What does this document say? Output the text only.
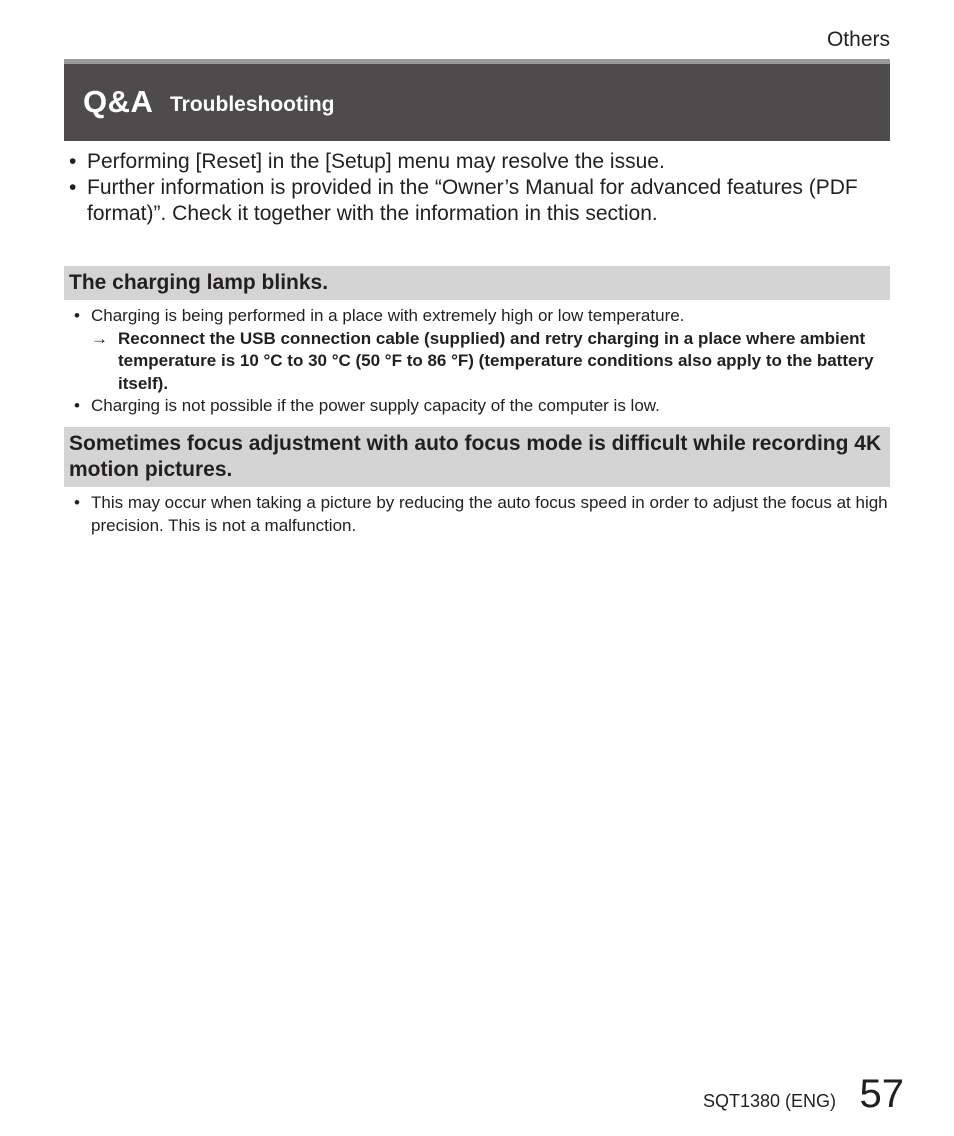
Others
Q&A Troubleshooting
• Performing [Reset] in the [Setup] menu may resolve the issue.
• Further information is provided in the “Owner’s Manual for advanced features (PDF format)”. Check it together with the information in this section.
The charging lamp blinks.
• Charging is being performed in a place with extremely high or low temperature.
→ Reconnect the USB connection cable (supplied) and retry charging in a place where ambient temperature is 10 °C to 30 °C (50 °F to 86 °F) (temperature conditions also apply to the battery itself).
• Charging is not possible if the power supply capacity of the computer is low.
Sometimes focus adjustment with auto focus mode is difficult while recording 4K motion pictures.
• This may occur when taking a picture by reducing the auto focus speed in order to adjust the focus at high precision. This is not a malfunction.
SQT1380 (ENG) 57
